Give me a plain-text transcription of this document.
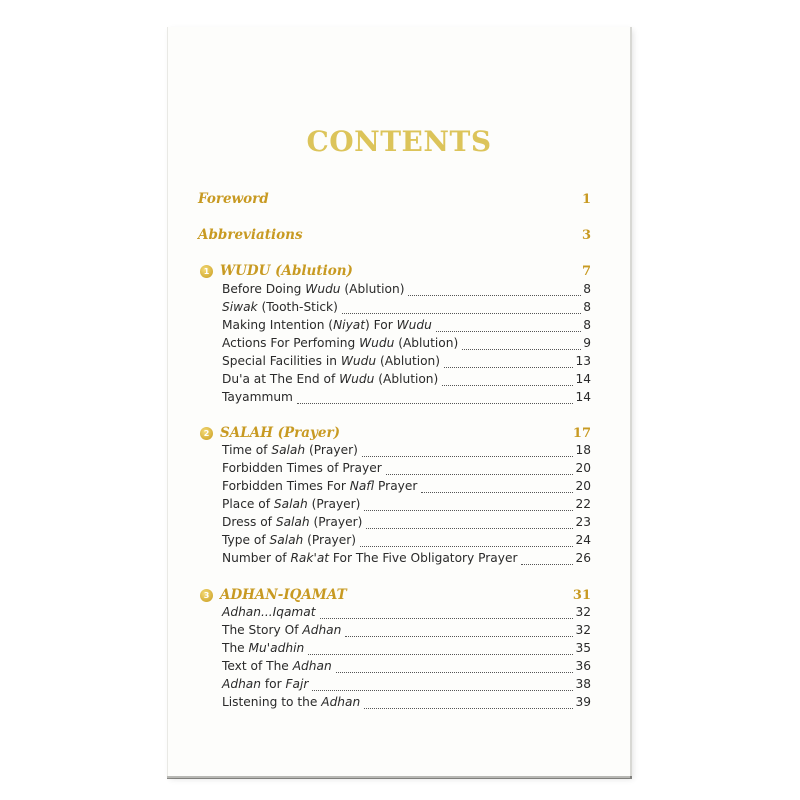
CONTENTS
Foreword	1
Abbreviations	3
1 WUDU (Ablution)	7
Before Doing Wudu (Ablution)	8
Siwak (Tooth-Stick)	8
Making Intention (Niyat) For Wudu	8
Actions For Perfoming Wudu (Ablution)	9
Special Facilities in Wudu (Ablution)	13
Du'a at The End of Wudu (Ablution)	14
Tayammum	14
2 SALAH (Prayer)	17
Time of Salah (Prayer)	18
Forbidden Times of Prayer	20
Forbidden Times For Nafl Prayer	20
Place of Salah (Prayer)	22
Dress of Salah (Prayer)	23
Type of Salah (Prayer)	24
Number of Rak'at For The Five Obligatory Prayer	26
3 ADHAN-IQAMAT	31
Adhan...Iqamat	32
The Story Of Adhan	32
The Mu'adhin	35
Text of The Adhan	36
Adhan for Fajr	38
Listening to the Adhan	39
